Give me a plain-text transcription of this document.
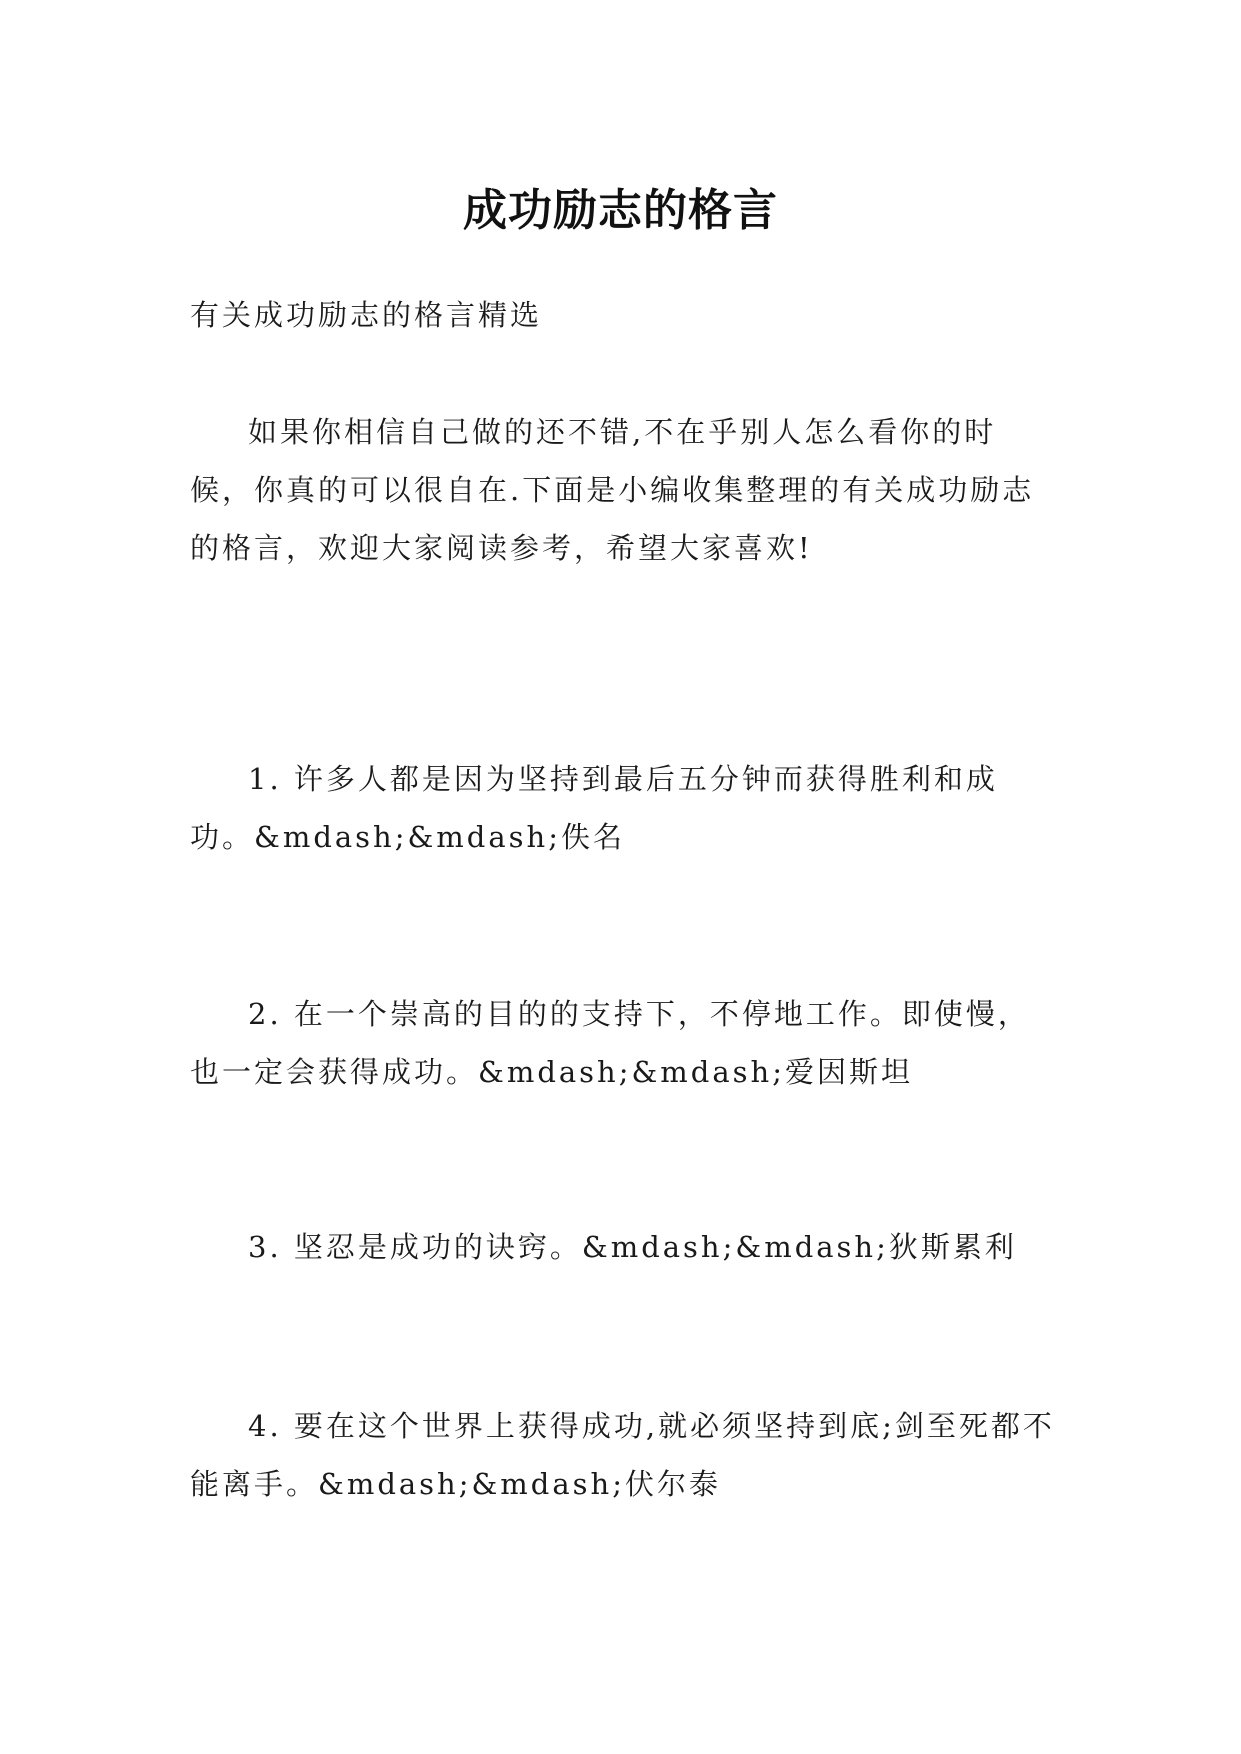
成功励志的格言

有关成功励志的格言精选

如果你相信自己做的还不错,不在乎别人怎么看你的时候，你真的可以很自在.下面是小编收集整理的有关成功励志的格言，欢迎大家阅读参考，希望大家喜欢!

1. 许多人都是因为坚持到最后五分钟而获得胜利和成功。&mdash;&mdash;佚名

2. 在一个崇高的目的的支持下，不停地工作。即使慢，也一定会获得成功。&mdash;&mdash;爱因斯坦

3. 坚忍是成功的诀窍。&mdash;&mdash;狄斯累利

4. 要在这个世界上获得成功,就必须坚持到底;剑至死都不能离手。&mdash;&mdash;伏尔泰
